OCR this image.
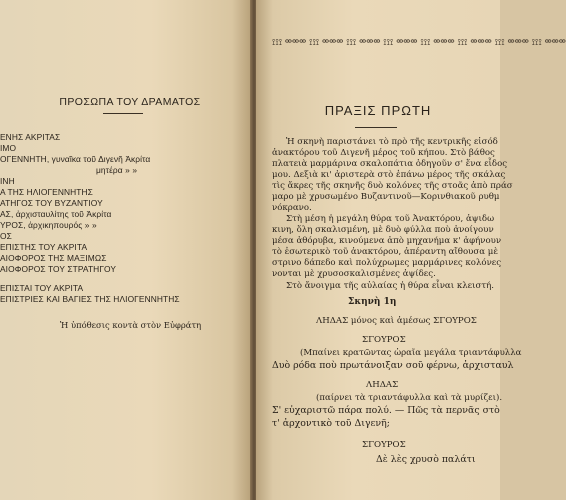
ΠΡΟΣΩΠΑ ΤΟΥ ΔΡΑΜΑΤΟΣ
ΕΝΗΣ ΑΚΡΙΤΑΣ
ΙΜΟ
ΟΓΕΝΝΗΤΗ, γυναῖκα τοῦ Διγενῆ Ἀκρίτα
μητέρα » »
ΙΝΗ
Α ΤΗΣ ΗΛΙΟΓΕΝΝΗΤΗΣ
ΑΤΗΓΟΣ ΤΟΥ ΒΥΖΑΝΤΙΟΥ
ΑΣ, ἀρχισταυλίτης τοῦ Ἀκρίτα
ΥΡΟΣ, ἀρχικηπουρός » »
ΟΣ
ΕΠΙΣΤΗΣ ΤΟΥ ΑΚΡΙΤΑ
ΑΙΟΦΟΡΟΣ ΤΗΣ ΜΑΞΙΜΩΣ
ΑΙΟΦΟΡΟΣ ΤΟΥ ΣΤΡΑΤΗΓΟΥ
ΕΠΙΣΤΑΙ ΤΟΥ ΑΚΡΙΤΑ
ΕΠΙΣΤΡΙΕΣ ΚΑΙ ΒΑΓΙΕΣ ΤΗΣ ΗΛΙΟΓΕΝΝΗΤΗΣ
Ἡ ὑπόθεσις κοντὰ στὸν Εὐφράτη
⟟⟟⟟ ᢁᢁᢁ ⟟⟟⟟ ᢁᢁᢁ ⟟⟟⟟ ᢁᢁᢁ ⟟⟟⟟ ᢁᢁᢁ ⟟⟟⟟ ᢁᢁᢁ ⟟⟟⟟ ᢁᢁᢁ ⟟⟟⟟ ᢁᢁᢁ ⟟⟟⟟ ᢁᢁᢁ
ΠΡΑΞΙΣ ΠΡΩΤΗ
Ἡ σκηνὴ παριστάνει τὸ πρὸ τῆς κεντρικῆς εἰσόδ
ἀνακτόρου τοῦ Διγενῆ μέρος τοῦ κήπου. Στὸ βάθος
πλατειὰ μαρμάρινα σκαλοπάτια ὁδηγοῦν σ' ἕνα εἶδος
μου. Δεξιὰ κι' ἀριστερὰ στὸ ἐπάνω μέρος τῆς σκάλας
τὶς ἄκρες τῆς σκηνῆς δυὸ κολόνες τῆς στοᾶς ἀπὸ πράσ
μαρο μὲ χρυσωμένο Βυζαντινοῦ—Κορινθιακοῦ ρυθμ
νόκρανο.
Στὴ μέση ἡ μεγάλη θύρα τοῦ Ἀνακτόρου, ἀψιδω
κινη, ὅλη σκαλισμένη, μὲ δυὸ φύλλα ποὺ ἀνοίγουν
μέσα ἀθόρυβα, κινούμενα ἀπὸ μηχανήμα κ' ἀφήνουν
τὸ ἐσωτερικὸ τοῦ ἀνακτόρου, ἀπέραντη αἴθουσα μὲ
στρινο δάπεδο καὶ πολύχρωμες μαρμάρινες κολόνες
νονται μὲ χρυσοσκαλισμένες ἀψίδες.
Στὸ ἄνοιγμα τῆς αὐλαίας ἡ θύρα εἶναι κλειστή.
Σκηνὴ 1η
ΛΗΔΑΣ μόνος καὶ ἀμέσως ΣΓΟΥΡΟΣ
ΣΓΟΥΡΟΣ
(Μπαίνει κρατῶντας ὡραῖα μεγάλα τριαντάφυλλα
Δυὸ ρόδα ποὺ πρωτάνοιξαν σοῦ φέρνω, ἀρχισταυλ
ΛΗΔΑΣ
(παίρνει τὰ τριαντάφυλλα καὶ τὰ μυρίζει).
Σ' εὐχαριστῶ πάρα πολύ. — Πῶς τὰ περνᾶς στὸ
τ' ἀρχοντικὸ τοῦ Διγενῆ;
ΣΓΟΥΡΟΣ
Δὲ λὲς χρυσὸ παλάτι
